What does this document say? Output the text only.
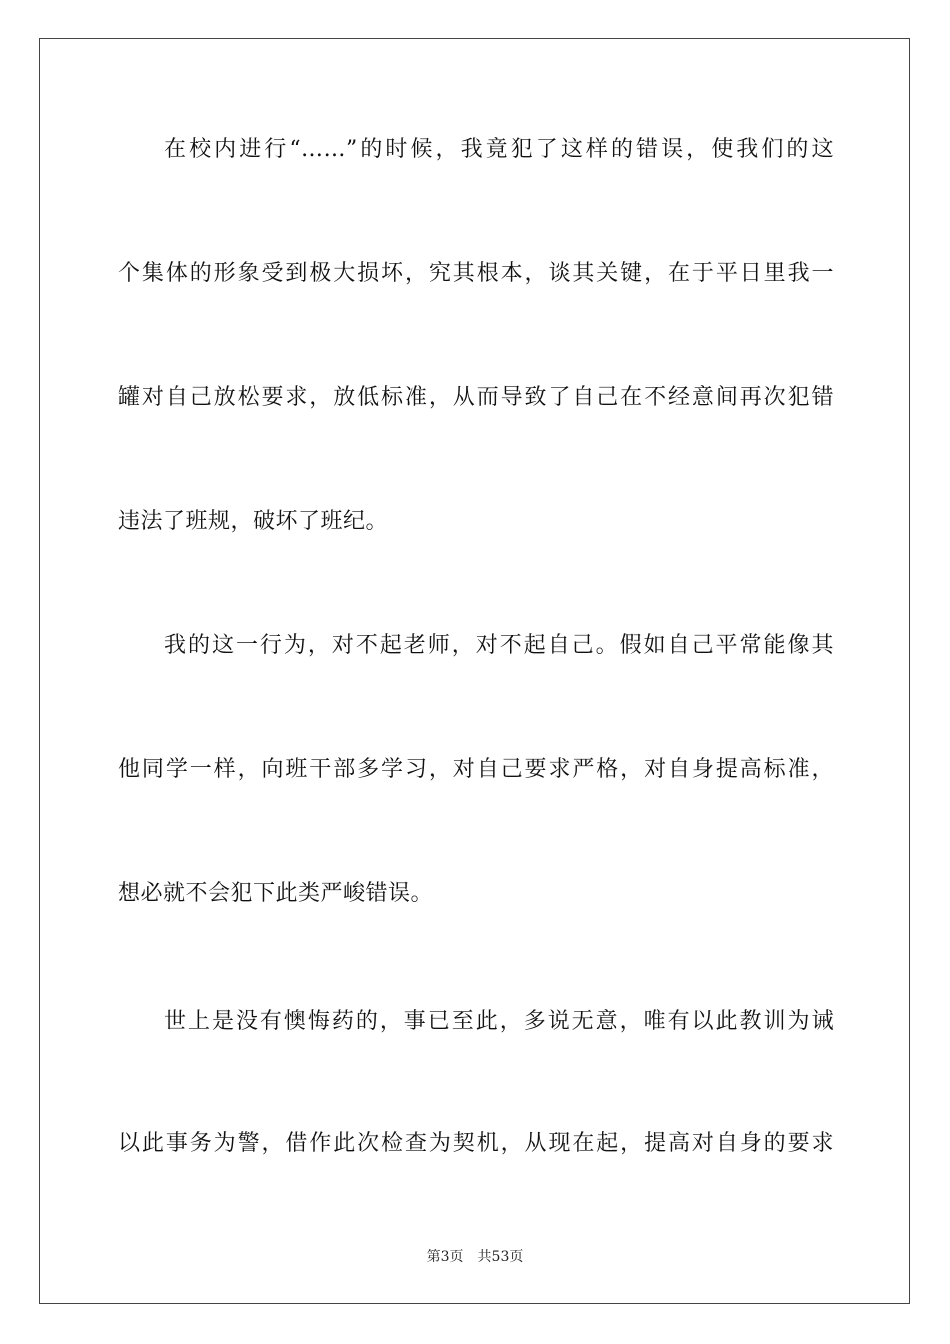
在校内进行“……”的时候，我竟犯了这样的错误，使我们的这
个集体的形象受到极大损坏，究其根本，谈其关键，在于平日里我一
罐对自己放松要求，放低标准，从而导致了自己在不经意间再次犯错
违法了班规，破坏了班纪。
我的这一行为，对不起老师，对不起自己。假如自己平常能像其
他同学一样，向班干部多学习，对自己要求严格，对自身提高标准，
想必就不会犯下此类严峻错误。
世上是没有懊悔药的，事已至此，多说无意，唯有以此教训为诫
以此事务为警，借作此次检查为契机，从现在起，提高对自身的要求
第3页 共53页
